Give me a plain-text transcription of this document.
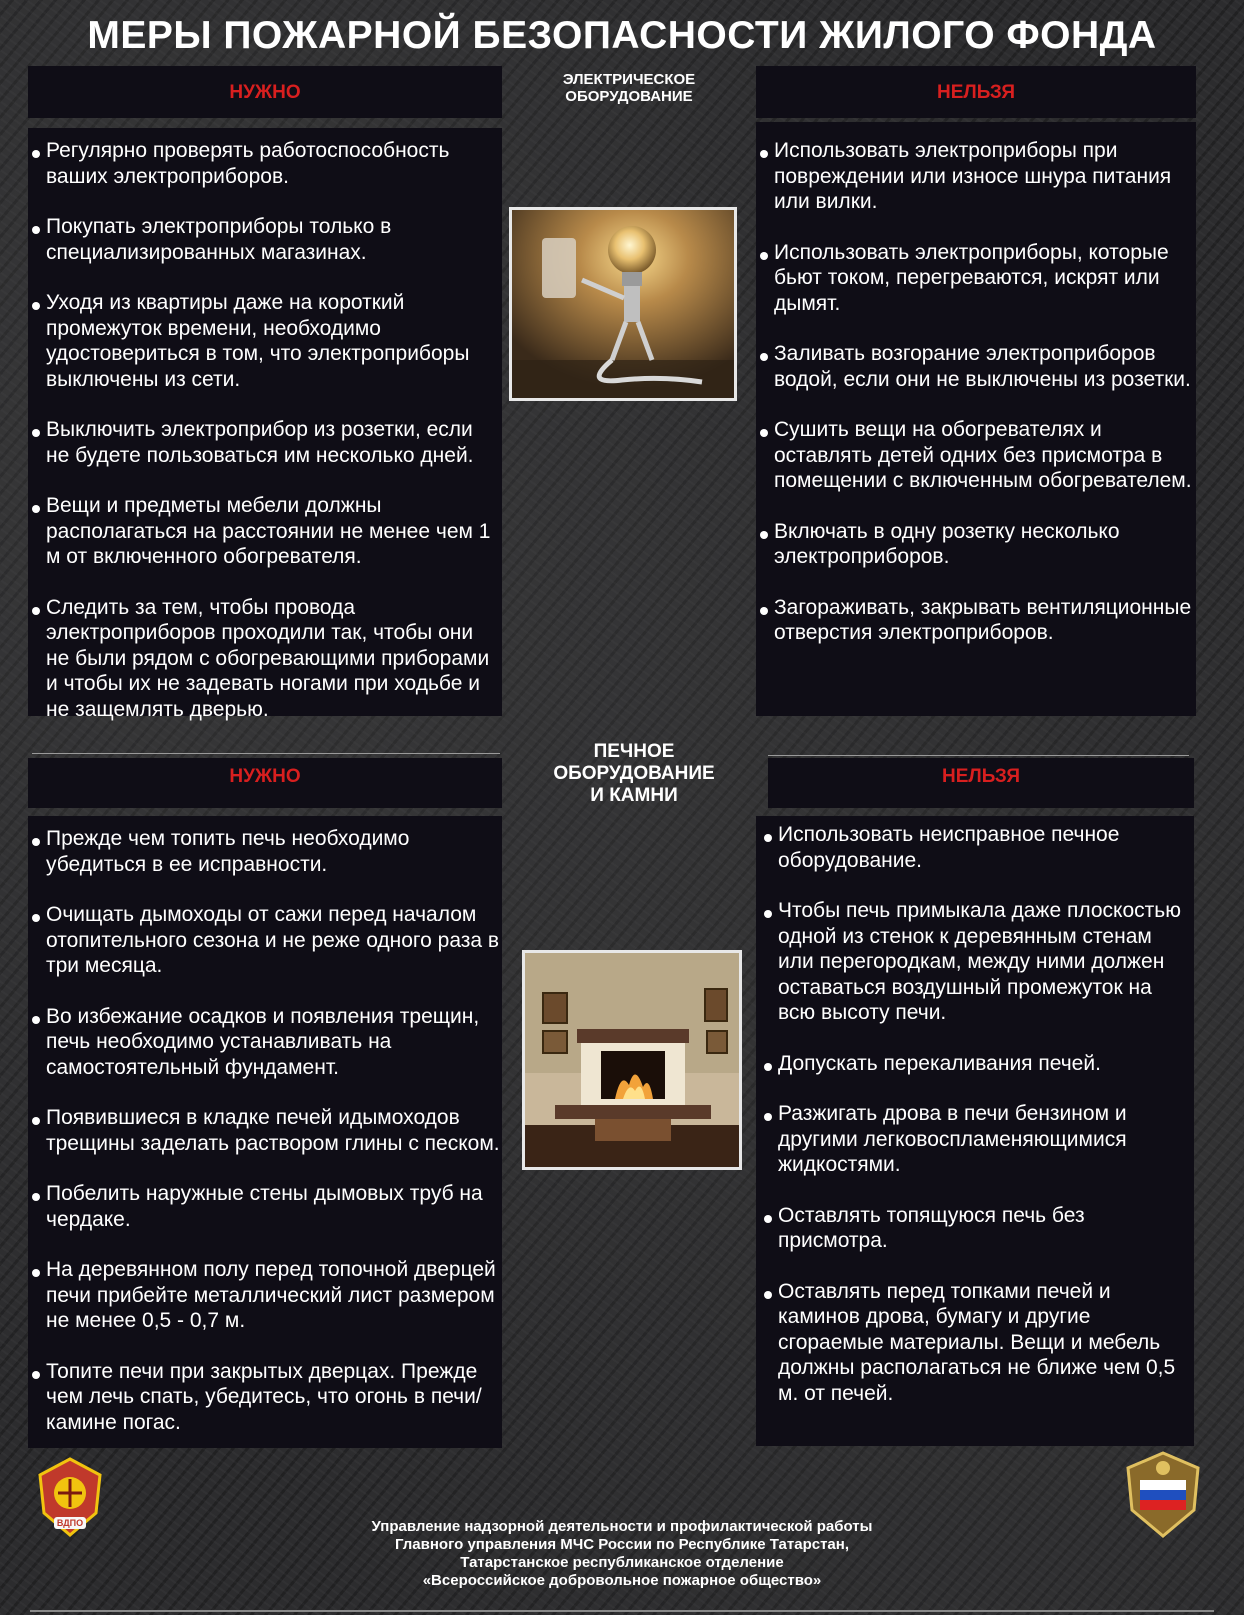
МЕРЫ ПОЖАРНОЙ БЕЗОПАСНОСТИ ЖИЛОГО ФОНДА
НУЖНО	НЕЛЬЗЯ
ЭЛЕКТРИЧЕСКОЕ
ОБОРУДОВАНИЕ
Регулярно проверять работоспособность ваших электроприборов.
Покупать электроприборы только в специализированных магазинах.
Уходя из квартиры даже на короткий промежуток времени, необходимо удостовериться в том, что электроприборы выключены из сети.
Выключить электроприбор из розетки, если не будете пользоваться им несколько дней.
Вещи и предметы мебели должны располагаться на расстоянии не менее чем 1 м от включенного обогревателя.
Следить за тем, чтобы провода электроприборов проходили так, чтобы они не были рядом с обогревающими приборами и чтобы их не задевать ногами при ходьбе и не защемлять дверью.
Использовать электроприборы при повреждении или износе шнура питания или вилки.
Использовать электроприборы, которые бьют током, перегреваются, искрят или дымят.
Заливать возгорание электроприборов водой, если они не выключены из розетки.
Сушить вещи на обогревателях и оставлять детей одних без присмотра в помещении с включенным обогревателем.
Включать в одну розетку несколько электроприборов.
Загораживать, закрывать вентиляционные отверстия электроприборов.
НУЖНО	НЕЛЬЗЯ
ПЕЧНОЕ
ОБОРУДОВАНИЕ
И КАМНИ
Прежде чем топить печь необходимо убедиться в ее исправности.
Очищать дымоходы от сажи перед началом отопительного сезона и не реже одного раза в три месяца.
Во избежание осадков и появления трещин, печь необходимо устанавливать на самостоятельный фундамент.
Появившиеся в кладке печей идымоходов трещины заделать раствором глины с песком.
Побелить наружные стены дымовых труб на чердаке.
На деревянном полу перед топочной дверцей печи прибейте металлический лист размером не менее 0,5 - 0,7 м.
Топите печи при закрытых дверцах. Прежде чем лечь спать, убедитесь, что огонь в печи/камине погас.
Использовать неисправное печное оборудование.
Чтобы печь примыкала даже плоскостью одной из стенок к деревянным стенам или перегородкам, между ними должен оставаться воздушный промежуток на всю высоту печи.
Допускать перекаливания печей.
Разжигать дрова в печи бензином и другими легковоспламеняющимися жидкостями.
Оставлять топящуюся печь без присмотра.
Оставлять перед топками печей и каминов дрова, бумагу и другие сгораемые материалы. Вещи и мебель должны располагаться не ближе чем 0,5 м. от печей.
ВДПО	Управление надзорной деятельности и профилактической работы
Главного управления МЧС России по Республике Татарстан,
Татарстанское республиканское отделение
«Всероссийское добровольное пожарное общество»
